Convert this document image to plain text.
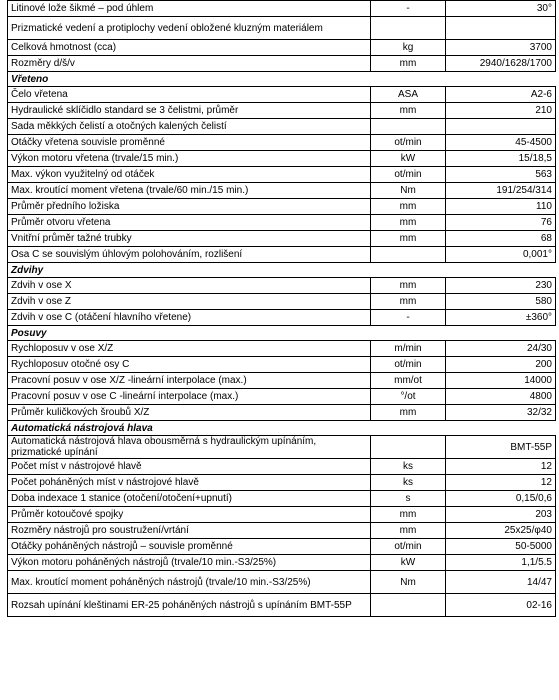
Litinové lože šikmé – pod úhlem	-	30°
Prizmatické vedení a protiplochy vedení obložené kluzným materiálem		
Celková hmotnost (cca)	kg	3700
Rozměry d/š/v	mm	2940/1628/1700
Vřeteno		
Čelo vřetena	ASA	A2-6
Hydraulické sklíčidlo standard se 3 čelistmi, průměr	mm	210
Sada měkkých čelistí a otočných kalených čelistí		
Otáčky vřetena souvisle proměnné	ot/min	45-4500
Výkon motoru vřetena (trvale/15 min.)	kW	15/18,5
Max. výkon využitelný od otáček	ot/min	563
Max. kroutící moment vřetena (trvale/60 min./15 min.)	Nm	191/254/314
Průměr předního ložiska	mm	110
Průměr otvoru vřetena	mm	76
Vnitřní průměr tažné trubky	mm	68
Osa C se souvislým úhlovým polohováním, rozlišení		0,001°
Zdvihy		
Zdvih v ose X	mm	230
Zdvih v ose Z	mm	580
Zdvih v ose C (otáčení hlavního vřetene)	-	±360°
Posuvy		
Rychloposuv v ose X/Z	m/min	24/30
Rychloposuv otočné osy C	ot/min	200
Pracovní posuv v ose X/Z -lineární interpolace (max.)	mm/ot	14000
Pracovní posuv v ose C -lineární interpolace (max.)	°/ot	4800
Průměr kuličkových šroubů X/Z	mm	32/32
Automatická nástrojová hlava		
Automatická nástrojová hlava obousměrná s hydraulickým upínáním, prizmatické upínání		BMT-55P
Počet míst v nástrojové hlavě	ks	12
Počet poháněných míst v nástrojové hlavě	ks	12
Doba indexace 1 stanice (otočení/otočení+upnutí)	s	0,15/0,6
Průměr kotoučové spojky	mm	203
Rozměry nástrojů pro soustružení/vrtání	mm	25x25/φ40
Otáčky poháněných nástrojů – souvisle proměnné	ot/min	50-5000
Výkon motoru poháněných nástrojů (trvale/10 min.-S3/25%)	kW	1,1/5.5
Max. kroutící moment poháněných nástrojů (trvale/10 min.-S3/25%)	Nm	14/47
Rozsah upínání kleštinami ER-25 poháněných nástrojů s upínáním BMT-55P		02-16
